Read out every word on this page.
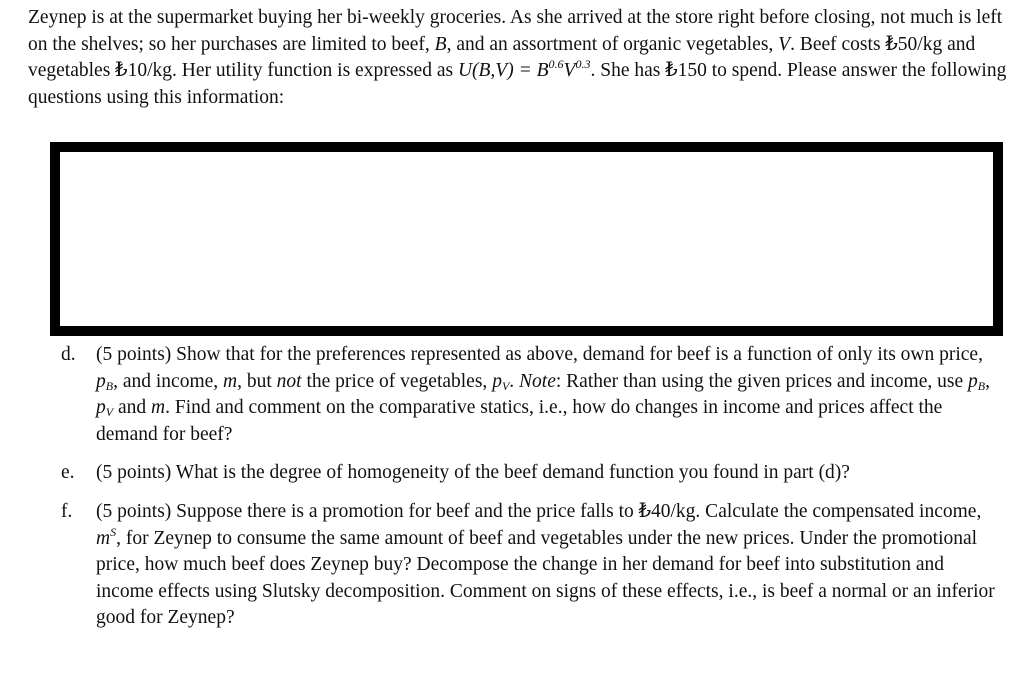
Zeynep is at the supermarket buying her bi-weekly groceries. As she arrived at the store right before closing, not much is left on the shelves; so her purchases are limited to beef, B, and an assortment of organic vegetables, V. Beef costs ₺50/kg and vegetables ₺10/kg. Her utility function is expressed as $U(B,V) = B^{0.6}V^{0.3}$. She has ₺150 to spend. Please answer the following questions using this information:

d. (5 points) Show that for the preferences represented as above, demand for beef is a function of only its own price, $p_B$, and income, m, but not the price of vegetables, $p_V$. Note: Rather than using the given prices and income, use $p_B$, $p_V$ and m. Find and comment on the comparative statics, i.e., how do changes in income and prices affect the demand for beef?

e. (5 points) What is the degree of homogeneity of the beef demand function you found in part (d)?

f. (5 points) Suppose there is a promotion for beef and the price falls to ₺40/kg. Calculate the compensated income, $m^S$, for Zeynep to consume the same amount of beef and vegetables under the new prices. Under the promotional price, how much beef does Zeynep buy? Decompose the change in her demand for beef into substitution and income effects using Slutsky decomposition. Comment on signs of these effects, i.e., is beef a normal or an inferior good for Zeynep?
